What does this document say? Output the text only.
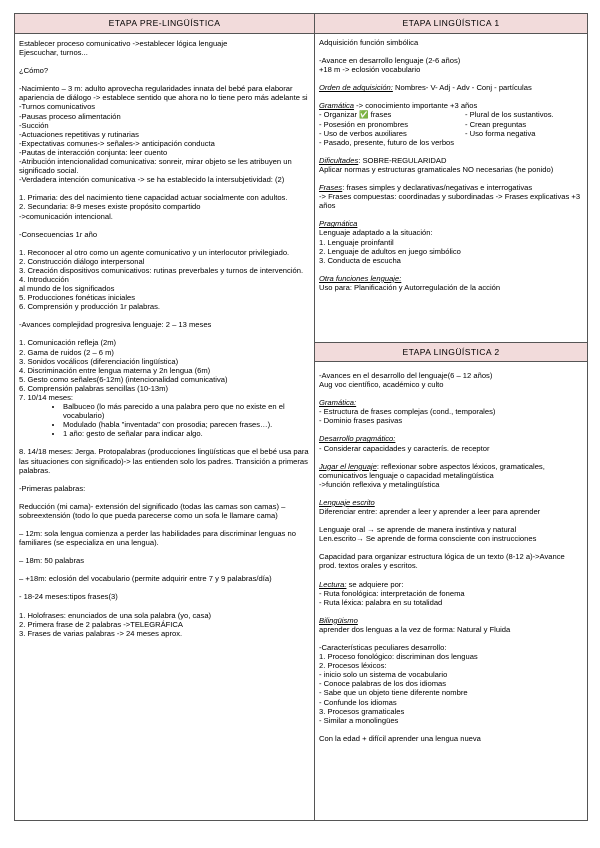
ETAPA PRE-LINGÜÍSTICA

Establecer proceso comunicativo ->establecer lógica lenguaje
Ejescuchar, turnos...

¿Cómo?

-Nacimiento – 3 m: adulto aprovecha regularidades innata del bebé para elaborar apariencia de diálogo -> establece sentido que ahora no lo tiene pero más adelante si
-Turnos comunicativos
-Pausas proceso alimentación
-Succión
-Actuaciones repetitivas y rutinarias
-Expectativas comunes-> señales-> anticipación conducta
-Pautas de interacción conjunta: leer cuento
-Atribución intencionalidad comunicativa: sonreir, mirar objeto se les atribuyen un significado social.
-Verdadera intención comunicativa -> se ha establecido la intersubjetividad: (2)

1. Primaria: des del nacimiento tiene capacidad actuar socialmente con adultos.
2. Secundaria: 8-9 meses existe propósito compartido
->comunicación intencional.

-Consecuencias 1r año

1. Reconocer al otro como un agente comunicativo y un interlocutor privilegiado.
2. Construcción diálogo interpersonal
3. Creación dispositivos comunicativos: rutinas preverbales y turnos de intervención.
4. Introducción
al mundo de los significados
5. Producciones fonéticas iniciales
6. Comprensión y producción 1r palabras.

-Avances complejidad progresiva lenguaje: 2 – 13 meses

1. Comunicación refleja (2m)
2. Gama de ruidos (2 – 6 m)
3. Sonidos vocálicos (diferenciación lingüística)
4. Discriminación entre lengua materna y 2n lengua (6m)
5. Gesto como señales(6-12m) (intencionalidad comunicativa)
6. Comprensión palabras sencillas (10-13m)
7. 10/14 meses:

• Balbuceo (lo más parecido a una palabra pero que no existe en el vocabulario)
• Modulado (habla "inventada" con prosodia; parecen frases…).
• 1 año: gesto de señalar para indicar algo.

8. 14/18 meses: Jerga. Protopalabras (producciones lingüísticas que el bebé usa para las situaciones con significado)-> las entienden solo los padres. Transición a primeras palabras.

-Primeras palabras:

Reducción (mi cama)- extensión del significado (todas las camas son camas) – sobreextensión (todo lo que pueda parecerse como un sofa le llamare cama)

– 12m: sola lengua comienza a perder las habilidades para discriminar lenguas no familiares (se especializa en una lengua).

– 18m: 50 palabras

– +18m: eclosión del vocabulario (permite adquirir entre 7 y 9 palabras/día)

- 18-24 meses:tipos frases(3)

1. Holofrases: enunciados de una sola palabra (yo, casa)
2. Primera frase de 2 palabras ->TELEGRÁFICA
3. Frases de varias palabras -> 24 meses aprox.

ETAPA LINGÜÍSTICA 1

Adquisición función simbólica

-Avance en desarrollo lenguaje (2-6 años)
+18 m -> eclosión vocabulario

Orden de adquisición: Nombres- V- Adj - Adv - Conj - partículas

Gramática -> conocimiento importante +3 años

- Organizar ✅ frases	- Plural de los sustantivos.
- Posesión en pronombres	- Crean preguntas
- Uso de verbos auxiliares	- Uso forma negativa

- Pasado, presente, futuro de los verbos

Dificultades: SOBRE-REGULARIDAD
Aplicar normas y estructuras gramaticales NO necesarias (he ponido)

Frases: frases simples y declarativas/negativas e interrogativas
-> Frases compuestas: coordinadas y subordinadas -> Frases explicativas +3 años

Pragmática

Lenguaje adaptado a la situación:
1. Lenguaje proinfantil
2. Lenguaje de adultos en juego simbólico
3. Conducta de escucha

Otra funciones lenguaje:

Uso para: Planificación y Autorregulación de la acción

ETAPA LINGÜÍSTICA 2

-Avances en el desarrollo del lenguaje(6 – 12 años)
Aug voc científico, académico y culto

Gramática:

- Estructura de frases complejas (cond., temporales)
- Dominio frases pasivas

Desarrollo pragmático:

- Considerar capacidades y caracterís. de receptor

Jugar el lenguaje: reflexionar sobre aspectos léxicos, gramaticales, comunicativos lenguaje o capacidad metalingüística
->función reflexiva y metalingüística

Lenguaje escrito

Diferenciar entre: aprender a leer y aprender a leer para aprender

Lenguaje oral → se aprende de manera instintiva y natural
Len.escrito→ Se aprende de forma consciente con instrucciones

Capacidad para organizar estructura lógica de un texto (8-12 a)->Avance prod. textos orales y escritos.

Lectura: se adquiere por:
- Ruta fonológica: interpretación de fonema
- Ruta léxica: palabra en su totalidad

Bilingüismo

aprender dos lenguas a la vez de forma: Natural y Fluida

-Características peculiares desarrollo:
1. Proceso fonológico: discriminan dos lenguas
2. Procesos léxicos:
- inicio solo un sistema de vocabulario
- Conoce palabras de los dos idiomas
- Sabe que un objeto tiene diferente nombre
- Confunde los idiomas
3. Procesos gramaticales
- Similar a monolingües

Con la edad + difícil aprender una lengua nueva
